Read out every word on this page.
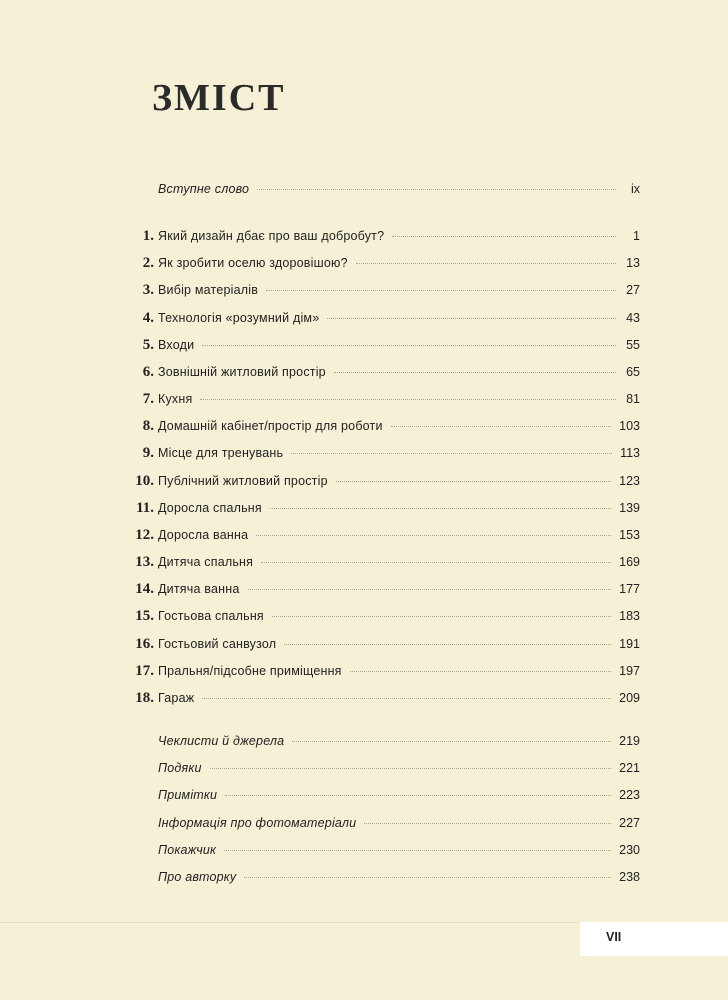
ЗМІСТ
Вступне слово	ix
1. Який дизайн дбає про ваш добробут?	1
2. Як зробити оселю здоровішою?	13
3. Вибір матеріалів	27
4. Технологія «розумний дім»	43
5. Входи	55
6. Зовнішній житловий простір	65
7. Кухня	81
8. Домашній кабінет/простір для роботи	103
9. Місце для тренувань	113
10. Публічний житловий простір	123
11. Доросла спальня	139
12. Доросла ванна	153
13. Дитяча спальня	169
14. Дитяча ванна	177
15. Гостьова спальня	183
16. Гостьовий санвузол	191
17. Пральня/підсобне приміщення	197
18. Гараж	209
Чеклисти й джерела	219
Подяки	221
Примітки	223
Інформація про фотоматеріали	227
Покажчик	230
Про авторку	238
VII
